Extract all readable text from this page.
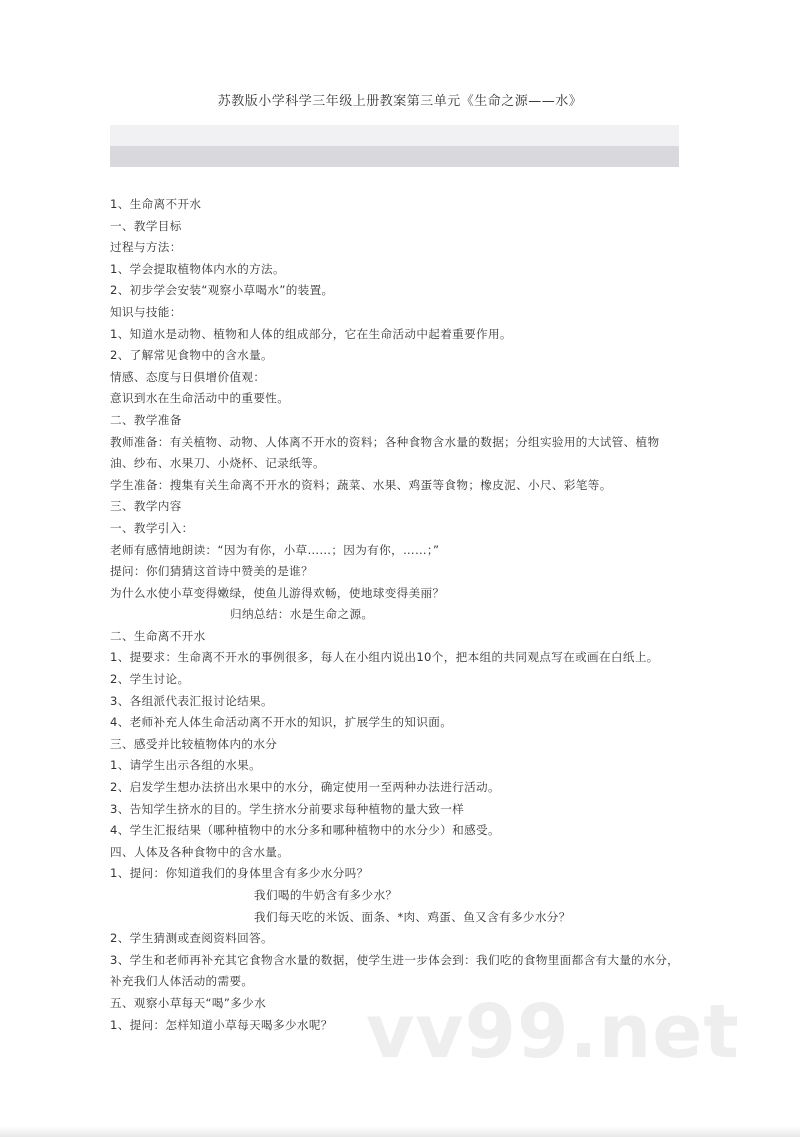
苏教版小学科学三年级上册教案第三单元《生命之源——水》
1、生命离不开水
一、教学目标
过程与方法：
1、学会提取植物体内水的方法。
2、初步学会安装“观察小草喝水”的装置。
知识与技能：
1、知道水是动物、植物和人体的组成部分，它在生命活动中起着重要作用。
2、了解常见食物中的含水量。
情感、态度与日俱增价值观：
意识到水在生命活动中的重要性。
二、教学准备
教师准备：有关植物、动物、人体离不开水的资料；各种食物含水量的数据；分组实验用的大试管、植物
油、纱布、水果刀、小烧杯、记录纸等。
学生准备：搜集有关生命离不开水的资料；蔬菜、水果、鸡蛋等食物；橡皮泥、小尺、彩笔等。
三、教学内容
一、教学引入：
老师有感情地朗读：“因为有你，小草……；因为有你，……；”
提问：你们猜猜这首诗中赞美的是谁？
为什么水使小草变得嫩绿，使鱼儿游得欢畅，使地球变得美丽？
归纳总结：水是生命之源。
二、生命离不开水
1、提要求：生命离不开水的事例很多，每人在小组内说出10个，把本组的共同观点写在或画在白纸上。
2、学生讨论。
3、各组派代表汇报讨论结果。
4、老师补充人体生命活动离不开水的知识，扩展学生的知识面。
三、感受并比较植物体内的水分
1、请学生出示各组的水果。
2、启发学生想办法挤出水果中的水分，确定使用一至两种办法进行活动。
3、告知学生挤水的目的。学生挤水分前要求每种植物的量大致一样
4、学生汇报结果（哪种植物中的水分多和哪种植物中的水分少）和感受。
四、人体及各种食物中的含水量。
1、提问：你知道我们的身体里含有多少水分吗？
我们喝的牛奶含有多少水？
我们每天吃的米饭、面条、*肉、鸡蛋、鱼又含有多少水分？
2、学生猜测或查阅资料回答。
3、学生和老师再补充其它食物含水量的数据，使学生进一步体会到：我们吃的食物里面都含有大量的水分，
补充我们人体活动的需要。
五、观察小草每天“喝”多少水
1、提问：怎样知道小草每天喝多少水呢？ vv99.net
